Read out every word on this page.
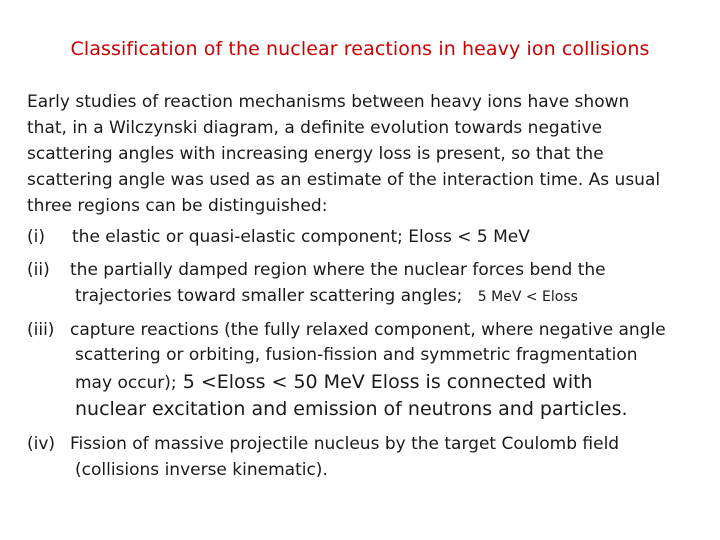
Classification of the nuclear reactions in heavy ion collisions
Early studies of reaction mechanisms between heavy ions have shown
that, in a Wilczynski diagram, a definite evolution towards negative
scattering angles with increasing energy loss is present, so that the
scattering angle was used as an estimate of the interaction time. As usual
three regions can be distinguished:
(i) the elastic or quasi-elastic component; Eloss < 5 MeV
(ii) the partially damped region where the nuclear forces bend the
trajectories toward smaller scattering angles; 5 MeV < Eloss
(iii) capture reactions (the fully relaxed component, where negative angle
scattering or orbiting, fusion-fission and symmetric fragmentation
may occur); 5 <Eloss < 50 MeV Eloss is connected with
nuclear excitation and emission of neutrons and particles.
(iv) Fission of massive projectile nucleus by the target Coulomb field
(collisions inverse kinematic).
